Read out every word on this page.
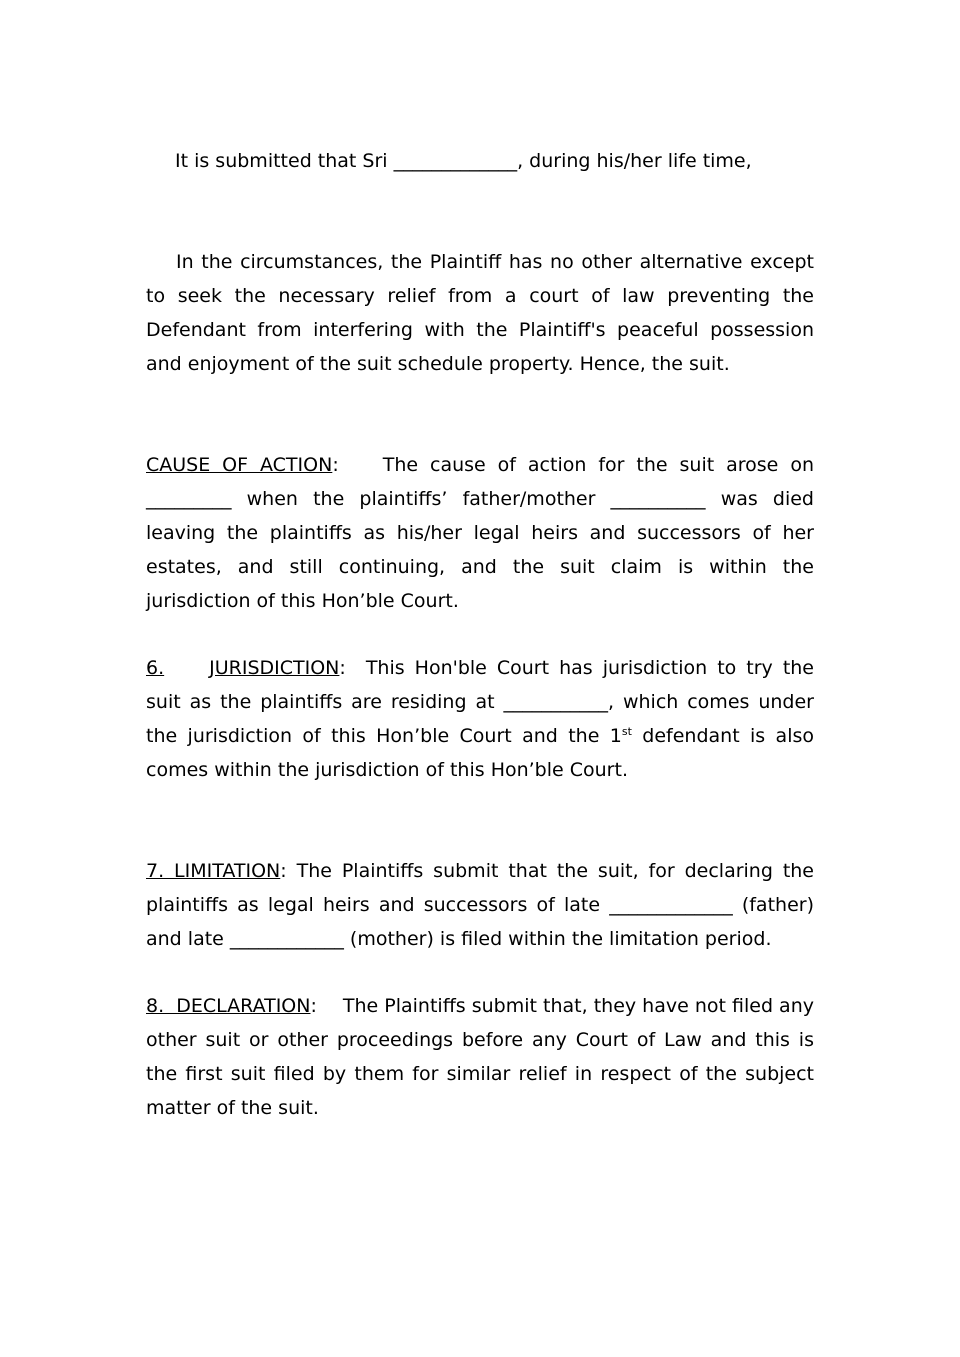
It is submitted that Sri _____________, during his/her life time,

In the circumstances, the Plaintiff has no other alternative except to seek the necessary relief from a court of law preventing the Defendant from interfering with the Plaintiff's peaceful possession and enjoyment of the suit schedule property. Hence, the suit.

CAUSE OF ACTION: The cause of action for the suit arose on _________ when the plaintiffs’ father/mother __________ was died leaving the plaintiffs as his/her legal heirs and successors of her estates, and still continuing, and the suit claim is within the jurisdiction of this Hon’ble Court.

6. JURISDICTION: This Hon'ble Court has jurisdiction to try the suit as the plaintiffs are residing at ___________, which comes under the jurisdiction of this Hon’ble Court and the 1st defendant is also comes within the jurisdiction of this Hon’ble Court.

7. LIMITATION: The Plaintiffs submit that the suit, for declaring the plaintiffs as legal heirs and successors of late _____________ (father) and late ____________ (mother) is filed within the limitation period.

8.  DECLARATION: The Plaintiffs submit that, they have not filed any other suit or other proceedings before any Court of Law and this is the first suit filed by them for similar relief in respect of the subject matter of the suit.
